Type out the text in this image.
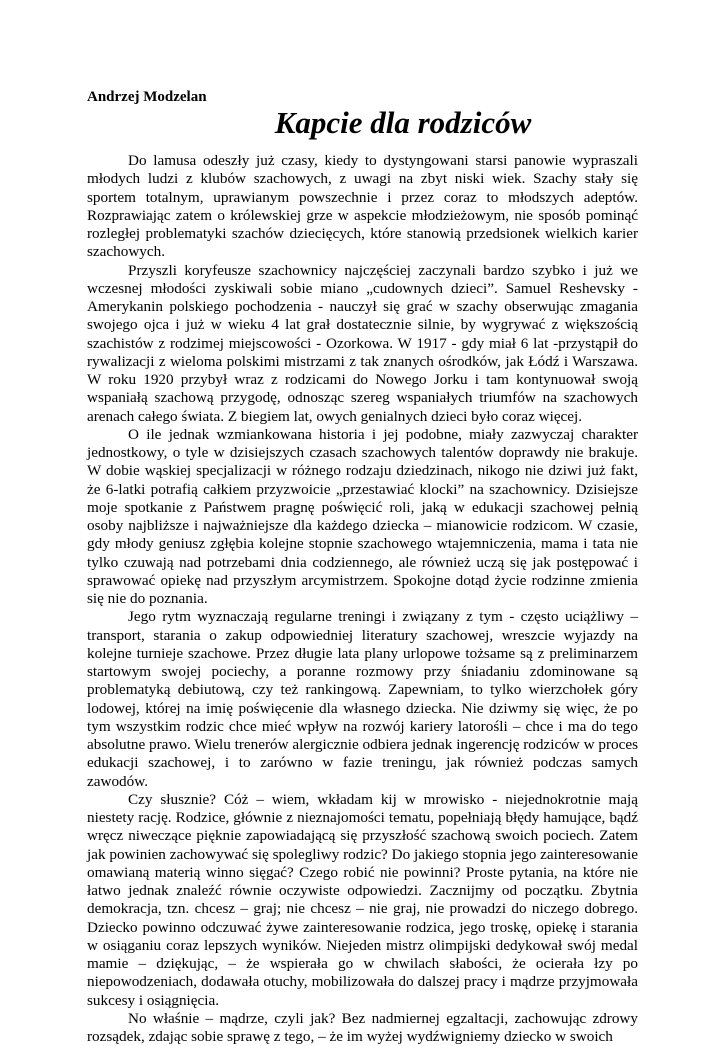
Andrzej Modzelan
Kapcie dla rodziców

Do lamusa odeszły już czasy, kiedy to dystyngowani starsi panowie wypraszali młodych ludzi z klubów szachowych, z uwagi na zbyt niski wiek. Szachy stały się sportem totalnym, uprawianym powszechnie i przez coraz to młodszych adeptów. Rozprawiając zatem o królewskiej grze w aspekcie młodzieżowym, nie sposób pominąć rozległej problematyki szachów dziecięcych, które stanowią przedsionek wielkich karier szachowych.

Przyszli koryfeusze szachownicy najczęściej zaczynali bardzo szybko i już we wczesnej młodości zyskiwali sobie miano „cudownych dzieci”. Samuel Reshevsky - Amerykanin polskiego pochodzenia - nauczył się grać w szachy obserwując zmagania swojego ojca i już w wieku 4 lat grał dostatecznie silnie, by wygrywać z większością szachistów z rodzimej miejscowości - Ozorkowa. W 1917 - gdy miał 6 lat -przystąpił do rywalizacji z wieloma polskimi mistrzami z tak znanych ośrodków, jak Łódź i Warszawa. W roku 1920 przybył wraz z rodzicami do Nowego Jorku i tam kontynuował swoją wspaniałą szachową przygodę, odnosząc szereg wspaniałych triumfów na szachowych arenach całego świata. Z biegiem lat, owych genialnych dzieci było coraz więcej.

O ile jednak wzmiankowana historia i jej podobne, miały zazwyczaj charakter jednostkowy, o tyle w dzisiejszych czasach szachowych talentów doprawdy nie brakuje. W dobie wąskiej specjalizacji w różnego rodzaju dziedzinach, nikogo nie dziwi już fakt, że 6-latki potrafią całkiem przyzwoicie „przestawiać klocki” na szachownicy. Dzisiejsze moje spotkanie z Państwem pragnę poświęcić roli, jaką w edukacji szachowej pełnią osoby najbliższe i najważniejsze dla każdego dziecka – mianowicie rodzicom. W czasie, gdy młody geniusz zgłębia kolejne stopnie szachowego wtajemniczenia, mama i tata nie tylko czuwają nad potrzebami dnia codziennego, ale również uczą się jak postępować i sprawować opiekę nad przyszłym arcymistrzem. Spokojne dotąd życie rodzinne zmienia się nie do poznania.

Jego rytm wyznaczają regularne treningi i związany z tym - często uciążliwy – transport, starania o zakup odpowiedniej literatury szachowej, wreszcie wyjazdy na kolejne turnieje szachowe. Przez długie lata plany urlopowe tożsame są z preliminarzem startowym swojej pociechy, a poranne rozmowy przy śniadaniu zdominowane są problematyką debiutową, czy też rankingową. Zapewniam, to tylko wierzchołek góry lodowej, której na imię poświęcenie dla własnego dziecka. Nie dziwmy się więc, że po tym wszystkim rodzic chce mieć wpływ na rozwój kariery latorośli – chce i ma do tego absolutne prawo. Wielu trenerów alergicznie odbiera jednak ingerencję rodziców w proces edukacji szachowej, i to zarówno w fazie treningu, jak również podczas samych zawodów.

Czy słusznie? Cóż – wiem, wkładam kij w mrowisko - niejednokrotnie mają niestety rację. Rodzice, głównie z nieznajomości tematu, popełniają błędy hamujące, bądź wręcz niweczące pięknie zapowiadającą się przyszłość szachową swoich pociech. Zatem jak powinien zachowywać się spolegliwy rodzic? Do jakiego stopnia jego zainteresowanie omawianą materią winno sięgać? Czego robić nie powinni? Proste pytania, na które nie łatwo jednak znaleźć równie oczywiste odpowiedzi. Zacznijmy od początku. Zbytnia demokracja, tzn. chcesz – graj; nie chcesz – nie graj, nie prowadzi do niczego dobrego. Dziecko powinno odczuwać żywe zainteresowanie rodzica, jego troskę, opiekę i starania w osiąganiu coraz lepszych wyników. Niejeden mistrz olimpijski dedykował swój medal mamie – dziękując, – że wspierała go w chwilach słabości, że ocierała łzy po niepowodzeniach, dodawała otuchy, mobilizowała do dalszej pracy i mądrze przyjmowała sukcesy i osiągnięcia.

No właśnie – mądrze, czyli jak? Bez nadmiernej egzaltacji, zachowując zdrowy rozsądek, zdając sobie sprawę z tego, – że im wyżej wydźwigniemy dziecko w swoich
